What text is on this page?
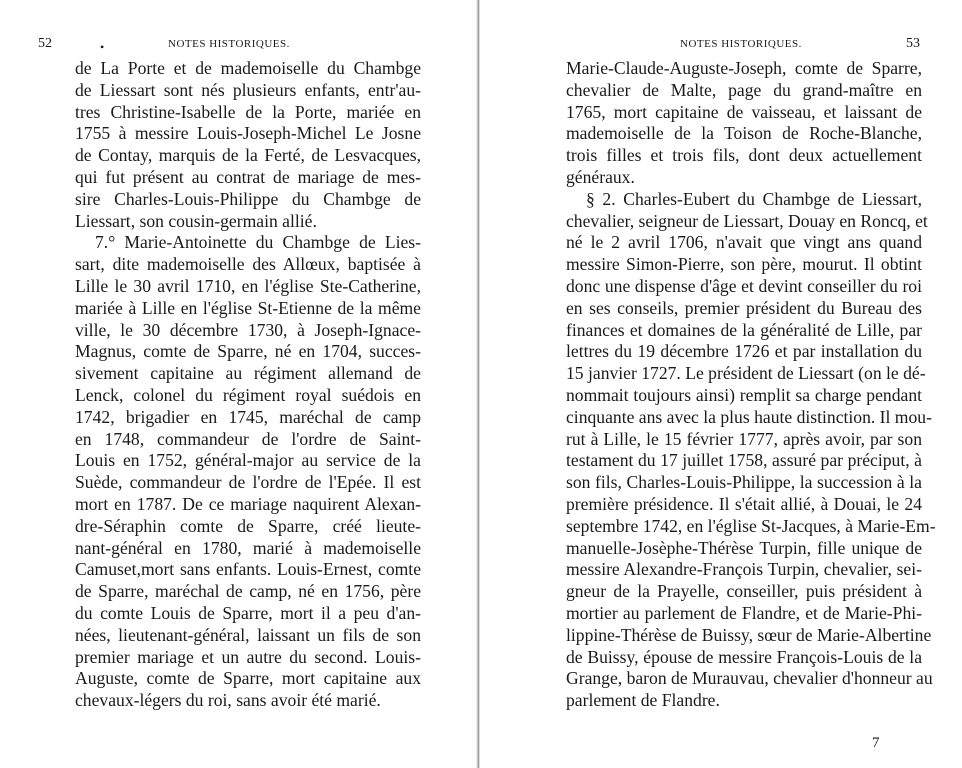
52	•	NOTES HISTORIQUES.
de La Porte et de mademoiselle du Chambge
de Liessart sont nés plusieurs enfants, entr'au-
tres Christine-Isabelle de la Porte, mariée en
1755 à messire Louis-Joseph-Michel Le Josne
de Contay, marquis de la Ferté, de Lesvacques,
qui fut présent au contrat de mariage de mes-
sire Charles-Louis-Philippe du Chambge de
Liessart, son cousin-germain allié.
7.° Marie-Antoinette du Chambge de Lies-
sart, dite mademoiselle des Allœux, baptisée à
Lille le 30 avril 1710, en l'église Ste-Catherine,
mariée à Lille en l'église St-Etienne de la même
ville, le 30 décembre 1730, à Joseph-Ignace-
Magnus, comte de Sparre, né en 1704, succes-
sivement capitaine au régiment allemand de
Lenck, colonel du régiment royal suédois en
1742, brigadier en 1745, maréchal de camp
en 1748, commandeur de l'ordre de Saint-
Louis en 1752, général-major au service de la
Suède, commandeur de l'ordre de l'Epée. Il est
mort en 1787. De ce mariage naquirent Alexan-
dre-Séraphin comte de Sparre, créé lieute-
nant-général en 1780, marié à mademoiselle
Camuset,mort sans enfants. Louis-Ernest, comte
de Sparre, maréchal de camp, né en 1756, père
du comte Louis de Sparre, mort il a peu d'an-
nées, lieutenant-général, laissant un fils de son
premier mariage et un autre du second. Louis-
Auguste, comte de Sparre, mort capitaine aux
chevaux-légers du roi, sans avoir été marié.
NOTES HISTORIQUES.	53
Marie-Claude-Auguste-Joseph, comte de Sparre,
chevalier de Malte, page du grand-maître en
1765, mort capitaine de vaisseau, et laissant de
mademoiselle de la Toison de Roche-Blanche,
trois filles et trois fils, dont deux actuellement
généraux.
§ 2. Charles-Eubert du Chambge de Liessart,
chevalier, seigneur de Liessart, Douay en Roncq, et
né le 2 avril 1706, n'avait que vingt ans quand
messire Simon-Pierre, son père, mourut. Il obtint
donc une dispense d'âge et devint conseiller du roi
en ses conseils, premier président du Bureau des
finances et domaines de la généralité de Lille, par
lettres du 19 décembre 1726 et par installation du
15 janvier 1727. Le président de Liessart (on le dé-
nommait toujours ainsi) remplit sa charge pendant
cinquante ans avec la plus haute distinction. Il mou-
rut à Lille, le 15 février 1777, après avoir, par son
testament du 17 juillet 1758, assuré par préciput, à
son fils, Charles-Louis-Philippe, la succession à la
première présidence. Il s'était allié, à Douai, le 24
septembre 1742, en l'église St-Jacques, à Marie-Em-
manuelle-Josèphe-Thérèse Turpin, fille unique de
messire Alexandre-François Turpin, chevalier, sei-
gneur de la Prayelle, conseiller, puis président à
mortier au parlement de Flandre, et de Marie-Phi-
lippine-Thérèse de Buissy, sœur de Marie-Albertine
de Buissy, épouse de messire François-Louis de la
Grange, baron de Murauvau, chevalier d'honneur au
parlement de Flandre.
7
